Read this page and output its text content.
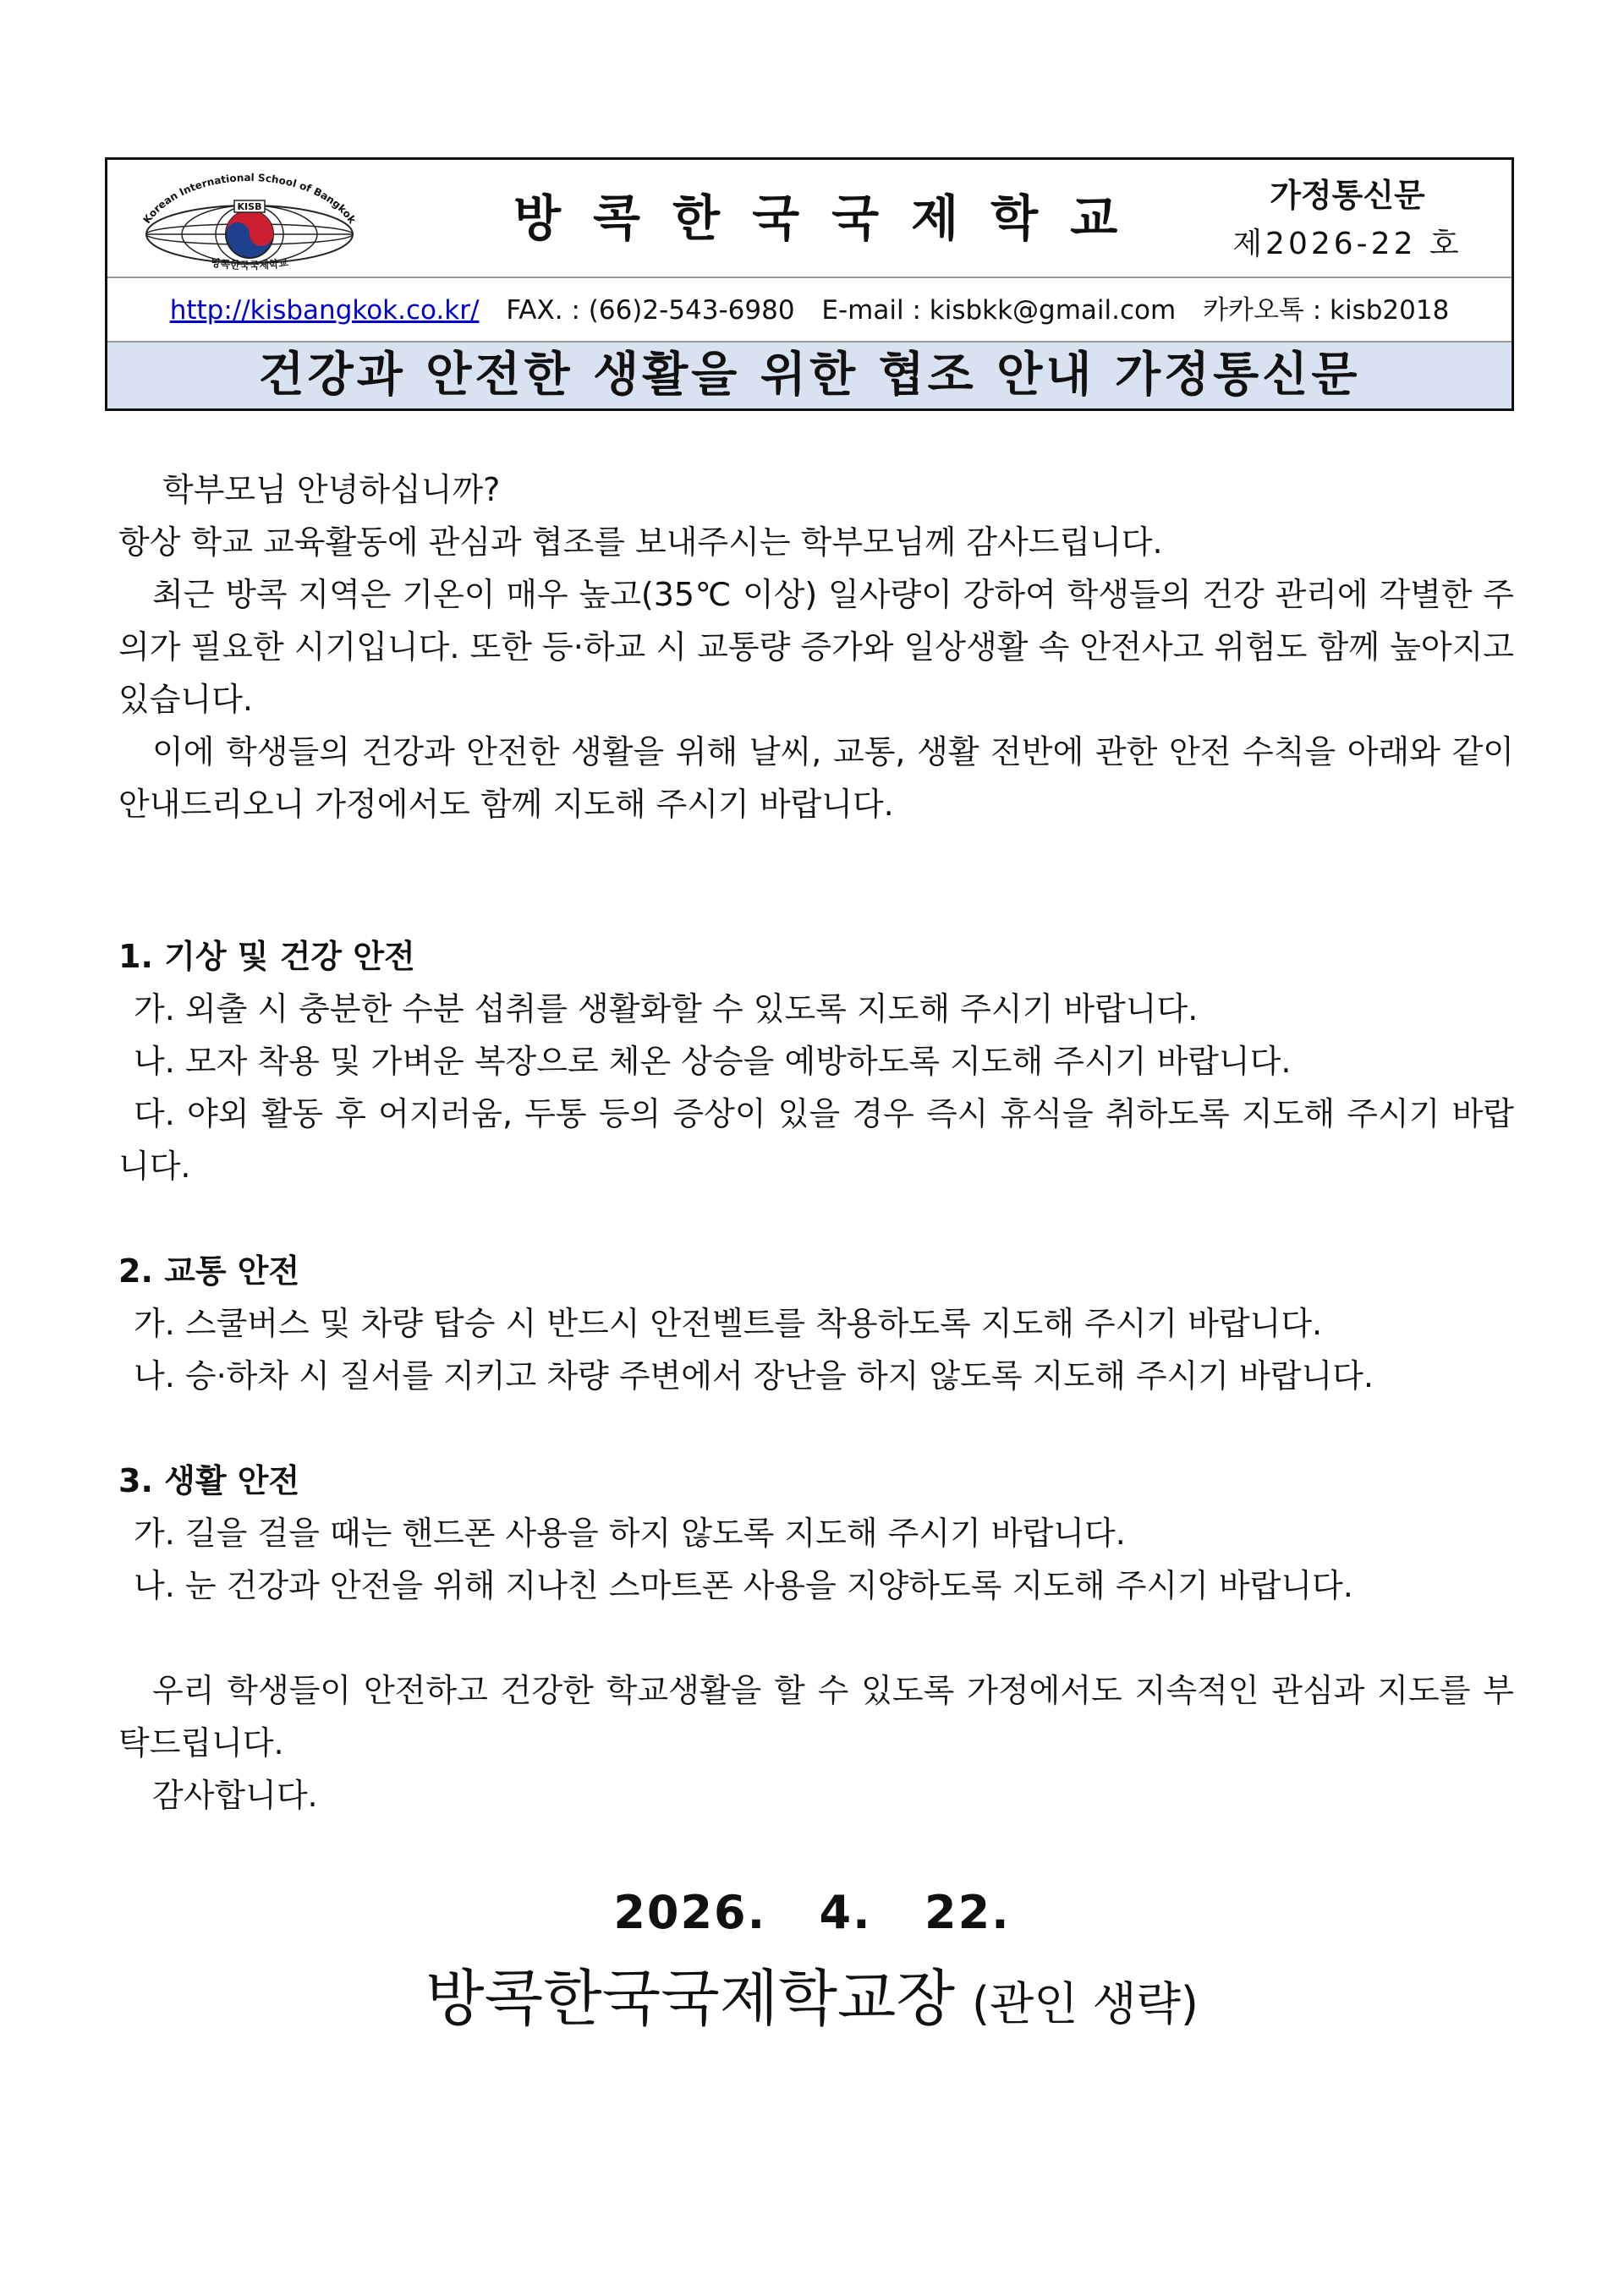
KISB
Korean International School of Bangkok
방콕한국국제학교
방콕한국국제학교	가정통신문
제2026-22 호
http://kisbangkok.co.kr/ FAX. : (66)2-543-6980 E-mail : kisbkk@gmail.com 카카오톡 : kisb2018
건강과 안전한 생활을 위한 협조 안내 가정통신문

학부모님 안녕하십니까?

항상 학교 교육활동에 관심과 협조를 보내주시는 학부모님께 감사드립니다.

최근 방콕 지역은 기온이 매우 높고(35℃ 이상) 일사량이 강하여 학생들의 건강 관리에 각별한 주의가 필요한 시기입니다. 또한 등·하교 시 교통량 증가와 일상생활 속 안전사고 위험도 함께 높아지고 있습니다.

이에 학생들의 건강과 안전한 생활을 위해 날씨, 교통, 생활 전반에 관한 안전 수칙을 아래와 같이 안내드리오니 가정에서도 함께 지도해 주시기 바랍니다.

1. 기상 및 건강 안전
가. 외출 시 충분한 수분 섭취를 생활화할 수 있도록 지도해 주시기 바랍니다.
나. 모자 착용 및 가벼운 복장으로 체온 상승을 예방하도록 지도해 주시기 바랍니다.
다. 야외 활동 후 어지러움, 두통 등의 증상이 있을 경우 즉시 휴식을 취하도록 지도해 주시기 바랍니다.
2. 교통 안전
가. 스쿨버스 및 차량 탑승 시 반드시 안전벨트를 착용하도록 지도해 주시기 바랍니다.
나. 승·하차 시 질서를 지키고 차량 주변에서 장난을 하지 않도록 지도해 주시기 바랍니다.
3. 생활 안전
가. 길을 걸을 때는 핸드폰 사용을 하지 않도록 지도해 주시기 바랍니다.
나. 눈 건강과 안전을 위해 지나친 스마트폰 사용을 지양하도록 지도해 주시기 바랍니다.

우리 학생들이 안전하고 건강한 학교생활을 할 수 있도록 가정에서도 지속적인 관심과 지도를 부탁드립니다.

감사합니다.

2026.   4.   22.
방콕한국국제학교장 (관인 생략)
